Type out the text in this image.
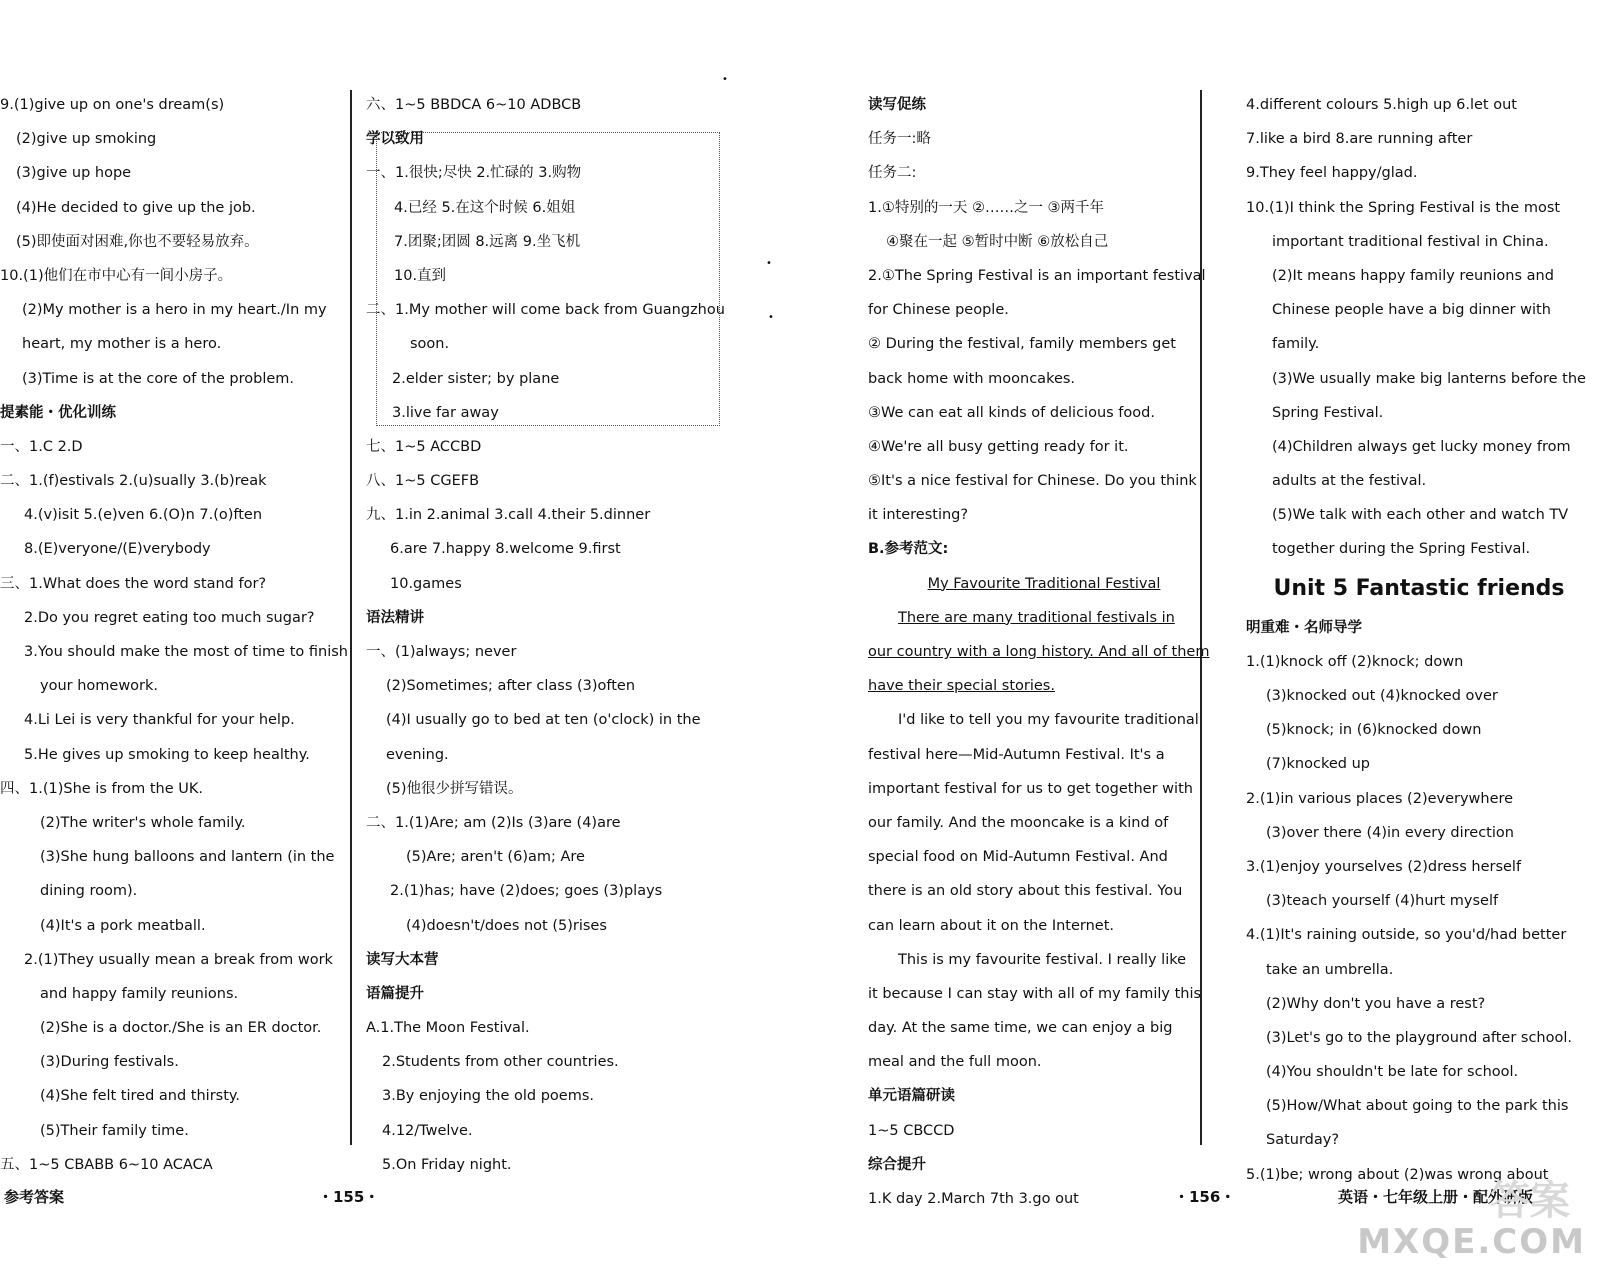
•
•
•
9.(1)give up on one's dream(s)
(2)give up smoking
(3)give up hope
(4)He decided to give up the job.
(5)即使面对困难,你也不要轻易放弃。
10.(1)他们在市中心有一间小房子。
(2)My mother is a hero in my heart./In my
heart, my mother is a hero.
(3)Time is at the core of the problem.
提素能・优化训练
一、1.C 2.D
二、1.(f)estivals 2.(u)sually 3.(b)reak
4.(v)isit 5.(e)ven 6.(O)n 7.(o)ften
8.(E)veryone/(E)verybody
三、1.What does the word stand for?
2.Do you regret eating too much sugar?
3.You should make the most of time to finish
your homework.
4.Li Lei is very thankful for your help.
5.He gives up smoking to keep healthy.
四、1.(1)She is from the UK.
(2)The writer's whole family.
(3)She hung balloons and lantern (in the
dining room).
(4)It's a pork meatball.
2.(1)They usually mean a break from work
and happy family reunions.
(2)She is a doctor./She is an ER doctor.
(3)During festivals.
(4)She felt tired and thirsty.
(5)Their family time.
五、1~5 CBABB 6~10 ACACA
六、1~5 BBDCA 6~10 ADBCB
学以致用
一、1.很快;尽快 2.忙碌的 3.购物
4.已经 5.在这个时候 6.姐姐
7.团聚;团圆 8.远离 9.坐飞机
10.直到
二、1.My mother will come back from Guangzhou
soon.
2.elder sister; by plane
3.live far away
七、1~5 ACCBD
八、1~5 CGEFB
九、1.in 2.animal 3.call 4.their 5.dinner
6.are 7.happy 8.welcome 9.first
10.games
语法精讲
一、(1)always; never
(2)Sometimes; after class (3)often
(4)I usually go to bed at ten (o'clock) in the
evening.
(5)他很少拼写错误。
二、1.(1)Are; am (2)Is (3)are (4)are
(5)Are; aren't (6)am; Are
2.(1)has; have (2)does; goes (3)plays
(4)doesn't/does not (5)rises
读写大本营
语篇提升
A.1.The Moon Festival.
2.Students from other countries.
3.By enjoying the old poems.
4.12/Twelve.
5.On Friday night.
读写促练
任务一:略
任务二:
1.①特别的一天 ②……之一 ③两千年
④聚在一起 ⑤暂时中断 ⑥放松自己
2.①The Spring Festival is an important festival
for Chinese people.
② During the festival, family members get
back home with mooncakes.
③We can eat all kinds of delicious food.
④We're all busy getting ready for it.
⑤It's a nice festival for Chinese. Do you think
it interesting?
B.参考范文:
My Favourite Traditional Festival
There are many traditional festivals in
our country with a long history. And all of them
have their special stories.
I'd like to tell you my favourite traditional
festival here—Mid-Autumn Festival. It's a
important festival for us to get together with
our family. And the mooncake is a kind of
special food on Mid-Autumn Festival. And
there is an old story about this festival. You
can learn about it on the Internet.
This is my favourite festival. I really like
it because I can stay with all of my family this
day. At the same time, we can enjoy a big
meal and the full moon.
单元语篇研读
1~5 CBCCD
综合提升
1.K day 2.March 7th 3.go out
4.different colours 5.high up 6.let out
7.like a bird 8.are running after
9.They feel happy/glad.
10.(1)I think the Spring Festival is the most
important traditional festival in China.
(2)It means happy family reunions and
Chinese people have a big dinner with
family.
(3)We usually make big lanterns before the
Spring Festival.
(4)Children always get lucky money from
adults at the festival.
(5)We talk with each other and watch TV
together during the Spring Festival.
Unit 5 Fantastic friends
明重难・名师导学
1.(1)knock off (2)knock; down
(3)knocked out (4)knocked over
(5)knock; in (6)knocked down
(7)knocked up
2.(1)in various places (2)everywhere
(3)over there (4)in every direction
3.(1)enjoy yourselves (2)dress herself
(3)teach yourself (4)hurt myself
4.(1)It's raining outside, so you'd/had better
take an umbrella.
(2)Why don't you have a rest?
(3)Let's go to the playground after school.
(4)You shouldn't be late for school.
(5)How/What about going to the park this
Saturday?
5.(1)be; wrong about (2)was wrong about
参考答案	・155・	・156・	英语・七年级上册・配外研版
答案
MXQE.COM
